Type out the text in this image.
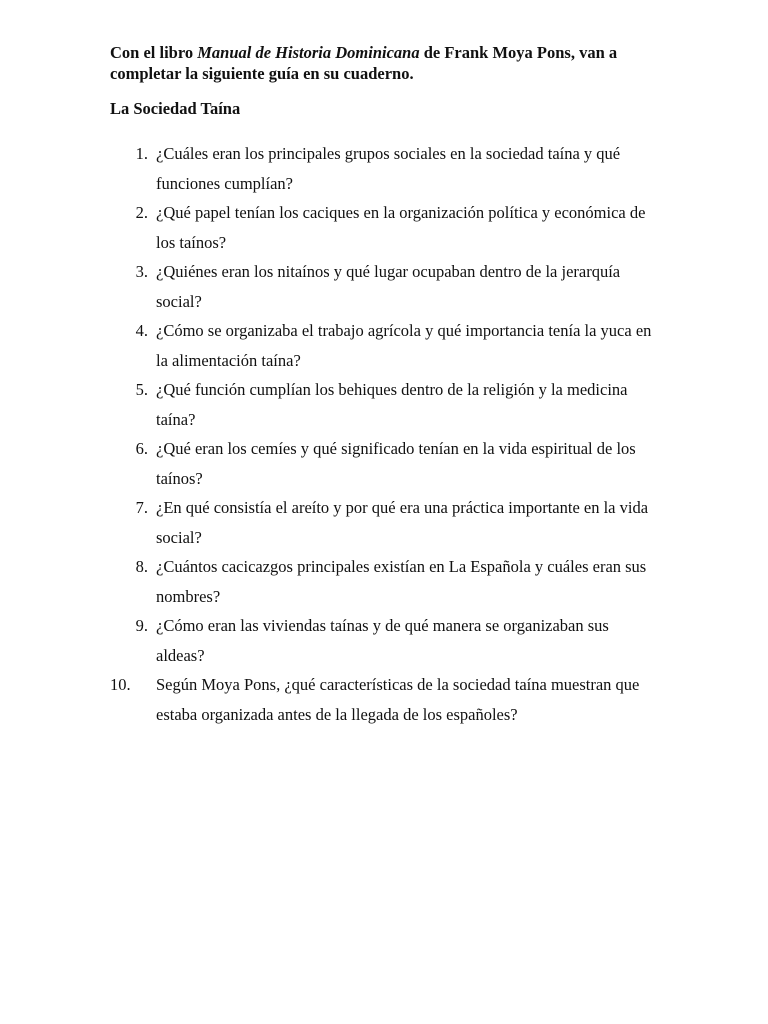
Con el libro Manual de Historia Dominicana de Frank Moya Pons, van a completar la siguiente guía en su cuaderno.

La Sociedad Taína

1. ¿Cuáles eran los principales grupos sociales en la sociedad taína y qué funciones cumplían?
2. ¿Qué papel tenían los caciques en la organización política y económica de los taínos?
3. ¿Quiénes eran los nitaínos y qué lugar ocupaban dentro de la jerarquía social?
4. ¿Cómo se organizaba el trabajo agrícola y qué importancia tenía la yuca en la alimentación taína?
5. ¿Qué función cumplían los behiques dentro de la religión y la medicina taína?
6. ¿Qué eran los cemíes y qué significado tenían en la vida espiritual de los taínos?
7. ¿En qué consistía el areíto y por qué era una práctica importante en la vida social?
8. ¿Cuántos cacicazgos principales existían en La Española y cuáles eran sus nombres?
9. ¿Cómo eran las viviendas taínas y de qué manera se organizaban sus aldeas?
10.	Según Moya Pons, ¿qué características de la sociedad taína muestran que estaba organizada antes de la llegada de los españoles?
